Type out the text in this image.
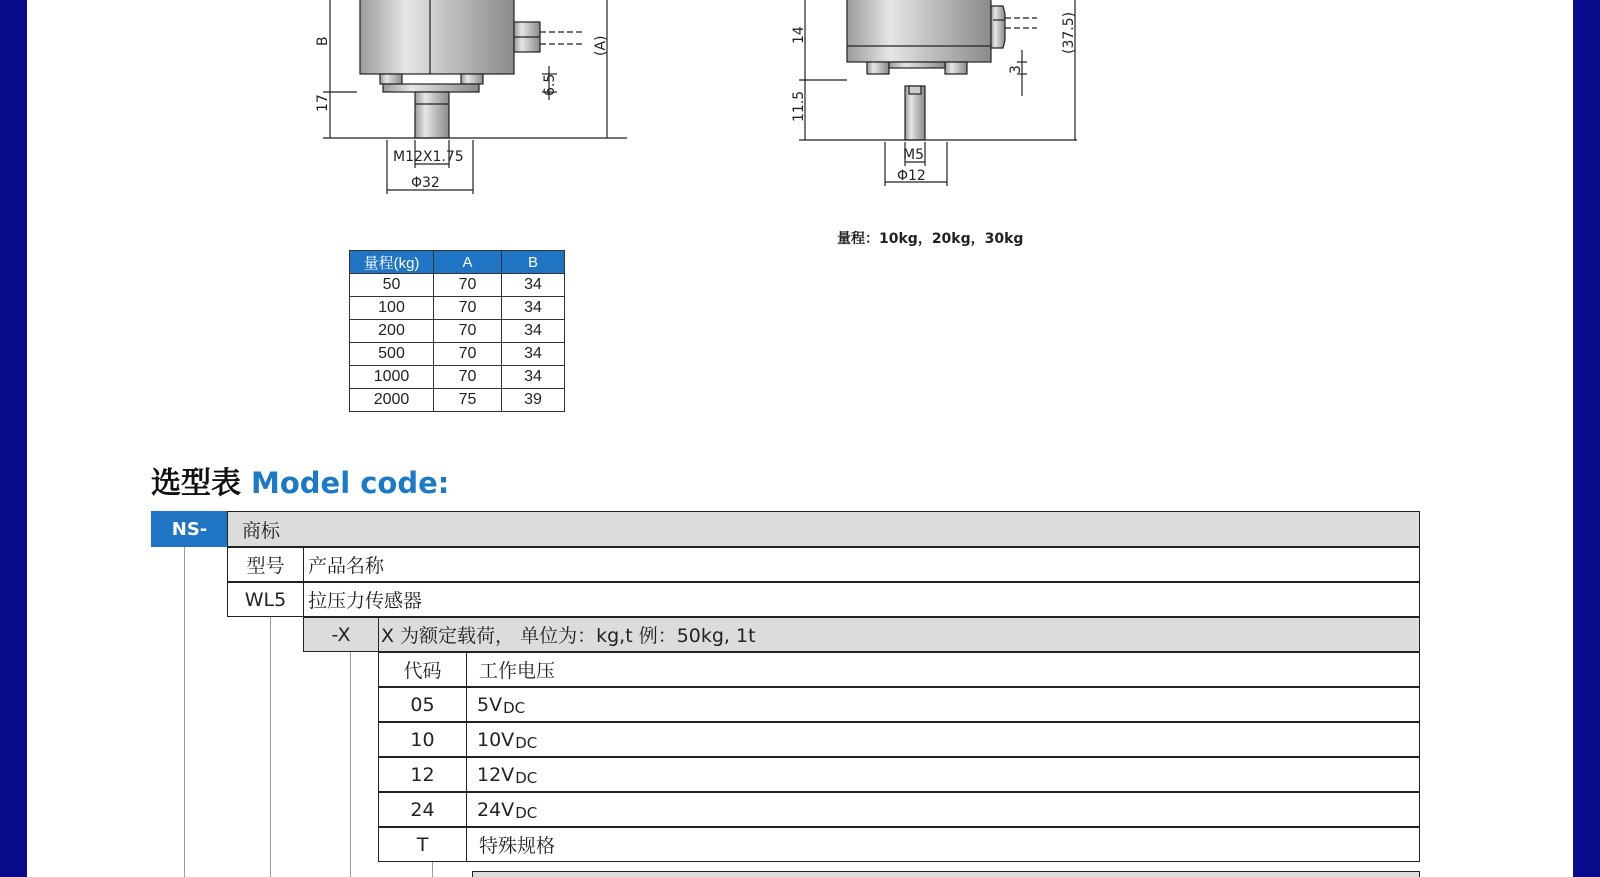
B	(A)
17
6.5
M12X1.75
Φ32
14
11.5
3
(37.5)
M5
Φ12
量程：10kg，20kg，30kg
量程(kg)	A	B
50	70	34
100	70	34
200	70	34
500	70	34
1000	70	34
2000	75	39
选型表 Model code:
NS-	商标
型号	产品名称
WL5	拉压力传感器
-X	X 为额定载荷， 单位为：kg,t 例：50kg, 1t
代码	工作电压
05	5V DC
10	10V DC
12	12V DC
24	24V DC
T	特殊规格
